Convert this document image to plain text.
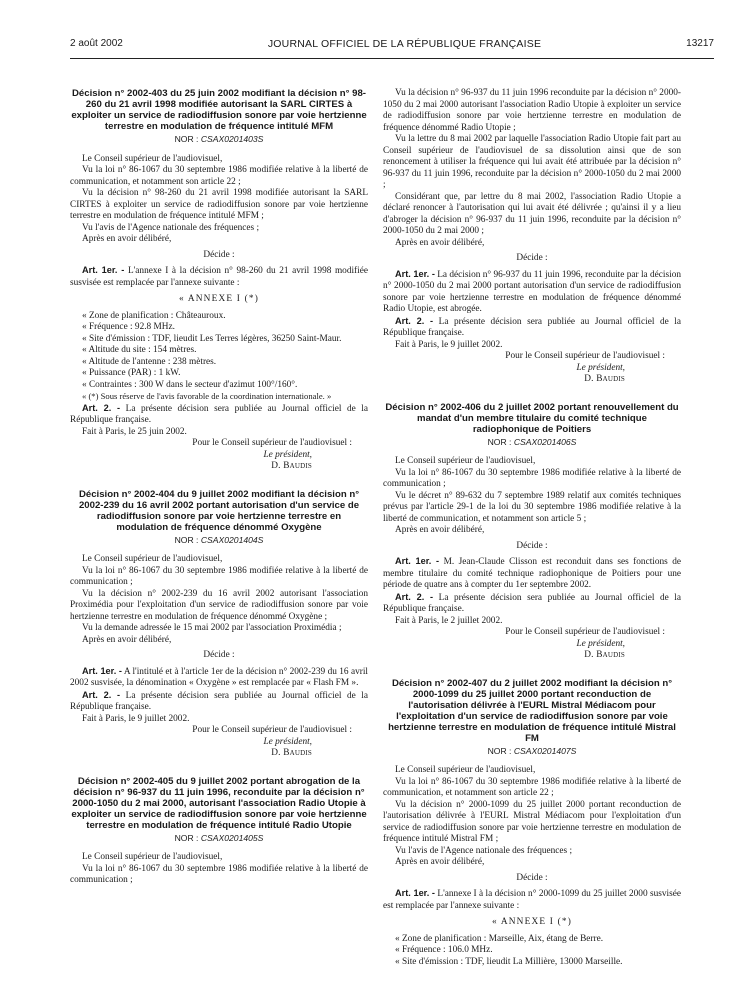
2 août 2002	JOURNAL OFFICIEL DE LA RÉPUBLIQUE FRANÇAISE	13217
Décision n° 2002-403 du 25 juin 2002 modifiant la décision n° 98-260 du 21 avril 1998 modifiée autorisant la SARL CIRTES à exploiter un service de radiodiffusion sonore par voie hertzienne terrestre en modulation de fréquence intitulé MFM
NOR : CSAX0201403S

Le Conseil supérieur de l'audiovisuel,

Vu la loi n° 86-1067 du 30 septembre 1986 modifiée relative à la liberté de communication, et notamment son article 22 ;

Vu la décision n° 98-260 du 21 avril 1998 modifiée autorisant la SARL CIRTES à exploiter un service de radiodiffusion sonore par voie hertzienne terrestre en modulation de fréquence intitulé MFM ;

Vu l'avis de l'Agence nationale des fréquences ;

Après en avoir délibéré,

Décide :

Art. 1er. - L'annexe I à la décision n° 98-260 du 21 avril 1998 modifiée susvisée est remplacée par l'annexe suivante :

« ANNEXE I (*)

« Zone de planification : Châteauroux.

« Fréquence : 92.8 MHz.

« Site d'émission : TDF, lieudit Les Terres légères, 36250 Saint-Maur.

« Altitude du site : 154 mètres.

« Altitude de l'antenne : 238 mètres.

« Puissance (PAR) : 1 kW.

« Contraintes : 300 W dans le secteur d'azimut 100°/160°.

« (*) Sous réserve de l'avis favorable de la coordination internationale. »

Art. 2. - La présente décision sera publiée au Journal officiel de la République française.

Fait à Paris, le 25 juin 2002.

Pour le Conseil supérieur de l'audiovisuel :

Le président,

D. Baudis

Décision n° 2002-404 du 9 juillet 2002 modifiant la décision n° 2002-239 du 16 avril 2002 portant autorisation d'un service de radiodiffusion sonore par voie hertzienne terrestre en modulation de fréquence dénommé Oxygène
NOR : CSAX0201404S

Le Conseil supérieur de l'audiovisuel,

Vu la loi n° 86-1067 du 30 septembre 1986 modifiée relative à la liberté de communication ;

Vu la décision n° 2002-239 du 16 avril 2002 autorisant l'association Proximédia pour l'exploitation d'un service de radiodiffusion sonore par voie hertzienne terrestre en modulation de fréquence dénommé Oxygène ;

Vu la demande adressée le 15 mai 2002 par l'association Proximédia ;

Après en avoir délibéré,

Décide :

Art. 1er. - A l'intitulé et à l'article 1er de la décision n° 2002-239 du 16 avril 2002 susvisée, la dénomination « Oxygène » est remplacée par « Flash FM ».

Art. 2. - La présente décision sera publiée au Journal officiel de la République française.

Fait à Paris, le 9 juillet 2002.

Pour le Conseil supérieur de l'audiovisuel :

Le président,

D. Baudis

Décision n° 2002-405 du 9 juillet 2002 portant abrogation de la décision n° 96-937 du 11 juin 1996, reconduite par la décision n° 2000-1050 du 2 mai 2000, autorisant l'association Radio Utopie à exploiter un service de radiodiffusion sonore par voie hertzienne terrestre en modulation de fréquence intitulé Radio Utopie
NOR : CSAX0201405S

Le Conseil supérieur de l'audiovisuel,

Vu la loi n° 86-1067 du 30 septembre 1986 modifiée relative à la liberté de communication ;

Vu la décision n° 96-937 du 11 juin 1996 reconduite par la décision n° 2000-1050 du 2 mai 2000 autorisant l'association Radio Utopie à exploiter un service de radiodiffusion sonore par voie hertzienne terrestre en modulation de fréquence dénommé Radio Utopie ;

Vu la lettre du 8 mai 2002 par laquelle l'association Radio Utopie fait part au Conseil supérieur de l'audiovisuel de sa dissolution ainsi que de son renoncement à utiliser la fréquence qui lui avait été attribuée par la décision n° 96-937 du 11 juin 1996, reconduite par la décision n° 2000-1050 du 2 mai 2000 ;

Considérant que, par lettre du 8 mai 2002, l'association Radio Utopie a déclaré renoncer à l'autorisation qui lui avait été délivrée ; qu'ainsi il y a lieu d'abroger la décision n° 96-937 du 11 juin 1996, reconduite par la décision n° 2000-1050 du 2 mai 2000 ;

Après en avoir délibéré,

Décide :

Art. 1er. - La décision n° 96-937 du 11 juin 1996, reconduite par la décision n° 2000-1050 du 2 mai 2000 portant autorisation d'un service de radiodiffusion sonore par voie hertzienne terrestre en modulation de fréquence dénommé Radio Utopie, est abrogée.

Art. 2. - La présente décision sera publiée au Journal officiel de la République française.

Fait à Paris, le 9 juillet 2002.

Pour le Conseil supérieur de l'audiovisuel :

Le président,

D. Baudis

Décision n° 2002-406 du 2 juillet 2002 portant renouvellement du mandat d'un membre titulaire du comité technique radiophonique de Poitiers
NOR : CSAX0201406S

Le Conseil supérieur de l'audiovisuel,

Vu la loi n° 86-1067 du 30 septembre 1986 modifiée relative à la liberté de communication ;

Vu le décret n° 89-632 du 7 septembre 1989 relatif aux comités techniques prévus par l'article 29-1 de la loi du 30 septembre 1986 modifiée relative à la liberté de communication, et notamment son article 5 ;

Après en avoir délibéré,

Décide :

Art. 1er. - M. Jean-Claude Clisson est reconduit dans ses fonctions de membre titulaire du comité technique radiophonique de Poitiers pour une période de quatre ans à compter du 1er septembre 2002.

Art. 2. - La présente décision sera publiée au Journal officiel de la République française.

Fait à Paris, le 2 juillet 2002.

Pour le Conseil supérieur de l'audiovisuel :

Le président,

D. Baudis

Décision n° 2002-407 du 2 juillet 2002 modifiant la décision n° 2000-1099 du 25 juillet 2000 portant reconduction de l'autorisation délivrée à l'EURL Mistral Médiacom pour l'exploitation d'un service de radiodiffusion sonore par voie hertzienne terrestre en modulation de fréquence intitulé Mistral FM
NOR : CSAX0201407S

Le Conseil supérieur de l'audiovisuel,

Vu la loi n° 86-1067 du 30 septembre 1986 modifiée relative à la liberté de communication, et notamment son article 22 ;

Vu la décision n° 2000-1099 du 25 juillet 2000 portant reconduction de l'autorisation délivrée à l'EURL Mistral Médiacom pour l'exploitation d'un service de radiodiffusion sonore par voie hertzienne terrestre en modulation de fréquence intitulé Mistral FM ;

Vu l'avis de l'Agence nationale des fréquences ;

Après en avoir délibéré,

Décide :

Art. 1er. - L'annexe I à la décision n° 2000-1099 du 25 juillet 2000 susvisée est remplacée par l'annexe suivante :

« ANNEXE I (*)

« Zone de planification : Marseille, Aix, étang de Berre.

« Fréquence : 106.0 MHz.

« Site d'émission : TDF, lieudit La Millière, 13000 Marseille.
